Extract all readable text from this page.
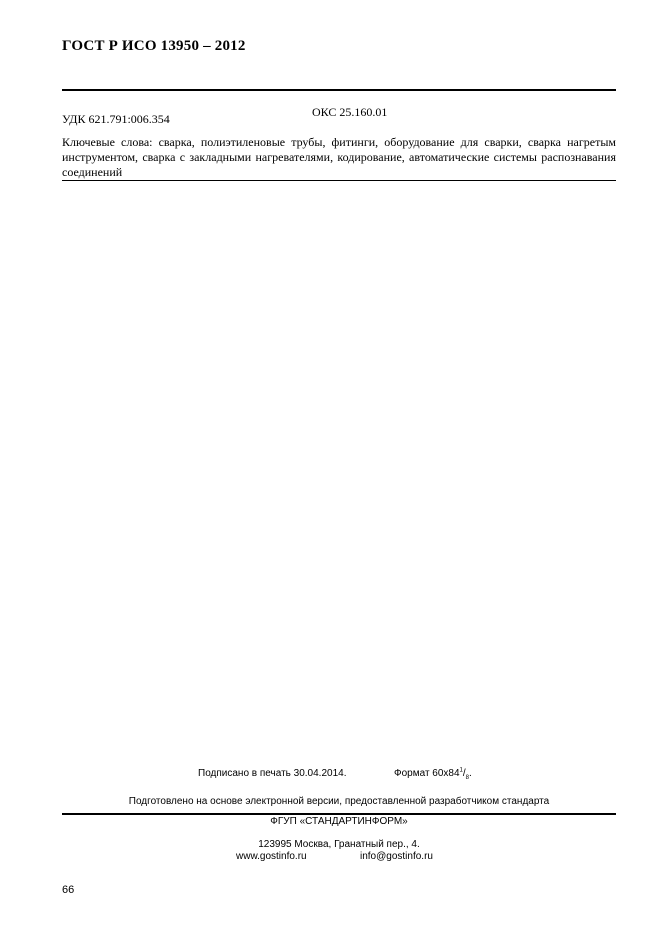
ГОСТ Р ИСО 13950 – 2012
УДК 621.791:006.354	ОКС 25.160.01
Ключевые слова: сварка, полиэтиленовые трубы, фитинги, оборудование для сварки, сварка нагретым инструментом, сварка с закладными нагревателями, кодирование, автоматические системы распознавания соединений
Подписано в печать 30.04.2014.	Формат $60x84^1/_8$.
Подготовлено на основе электронной версии, предоставленной разработчиком стандарта
ФГУП «СТАНДАРТИНФОРМ»
123995 Москва, Гранатный пер., 4.
www.gostinfo.ru	info@gostinfo.ru
66
